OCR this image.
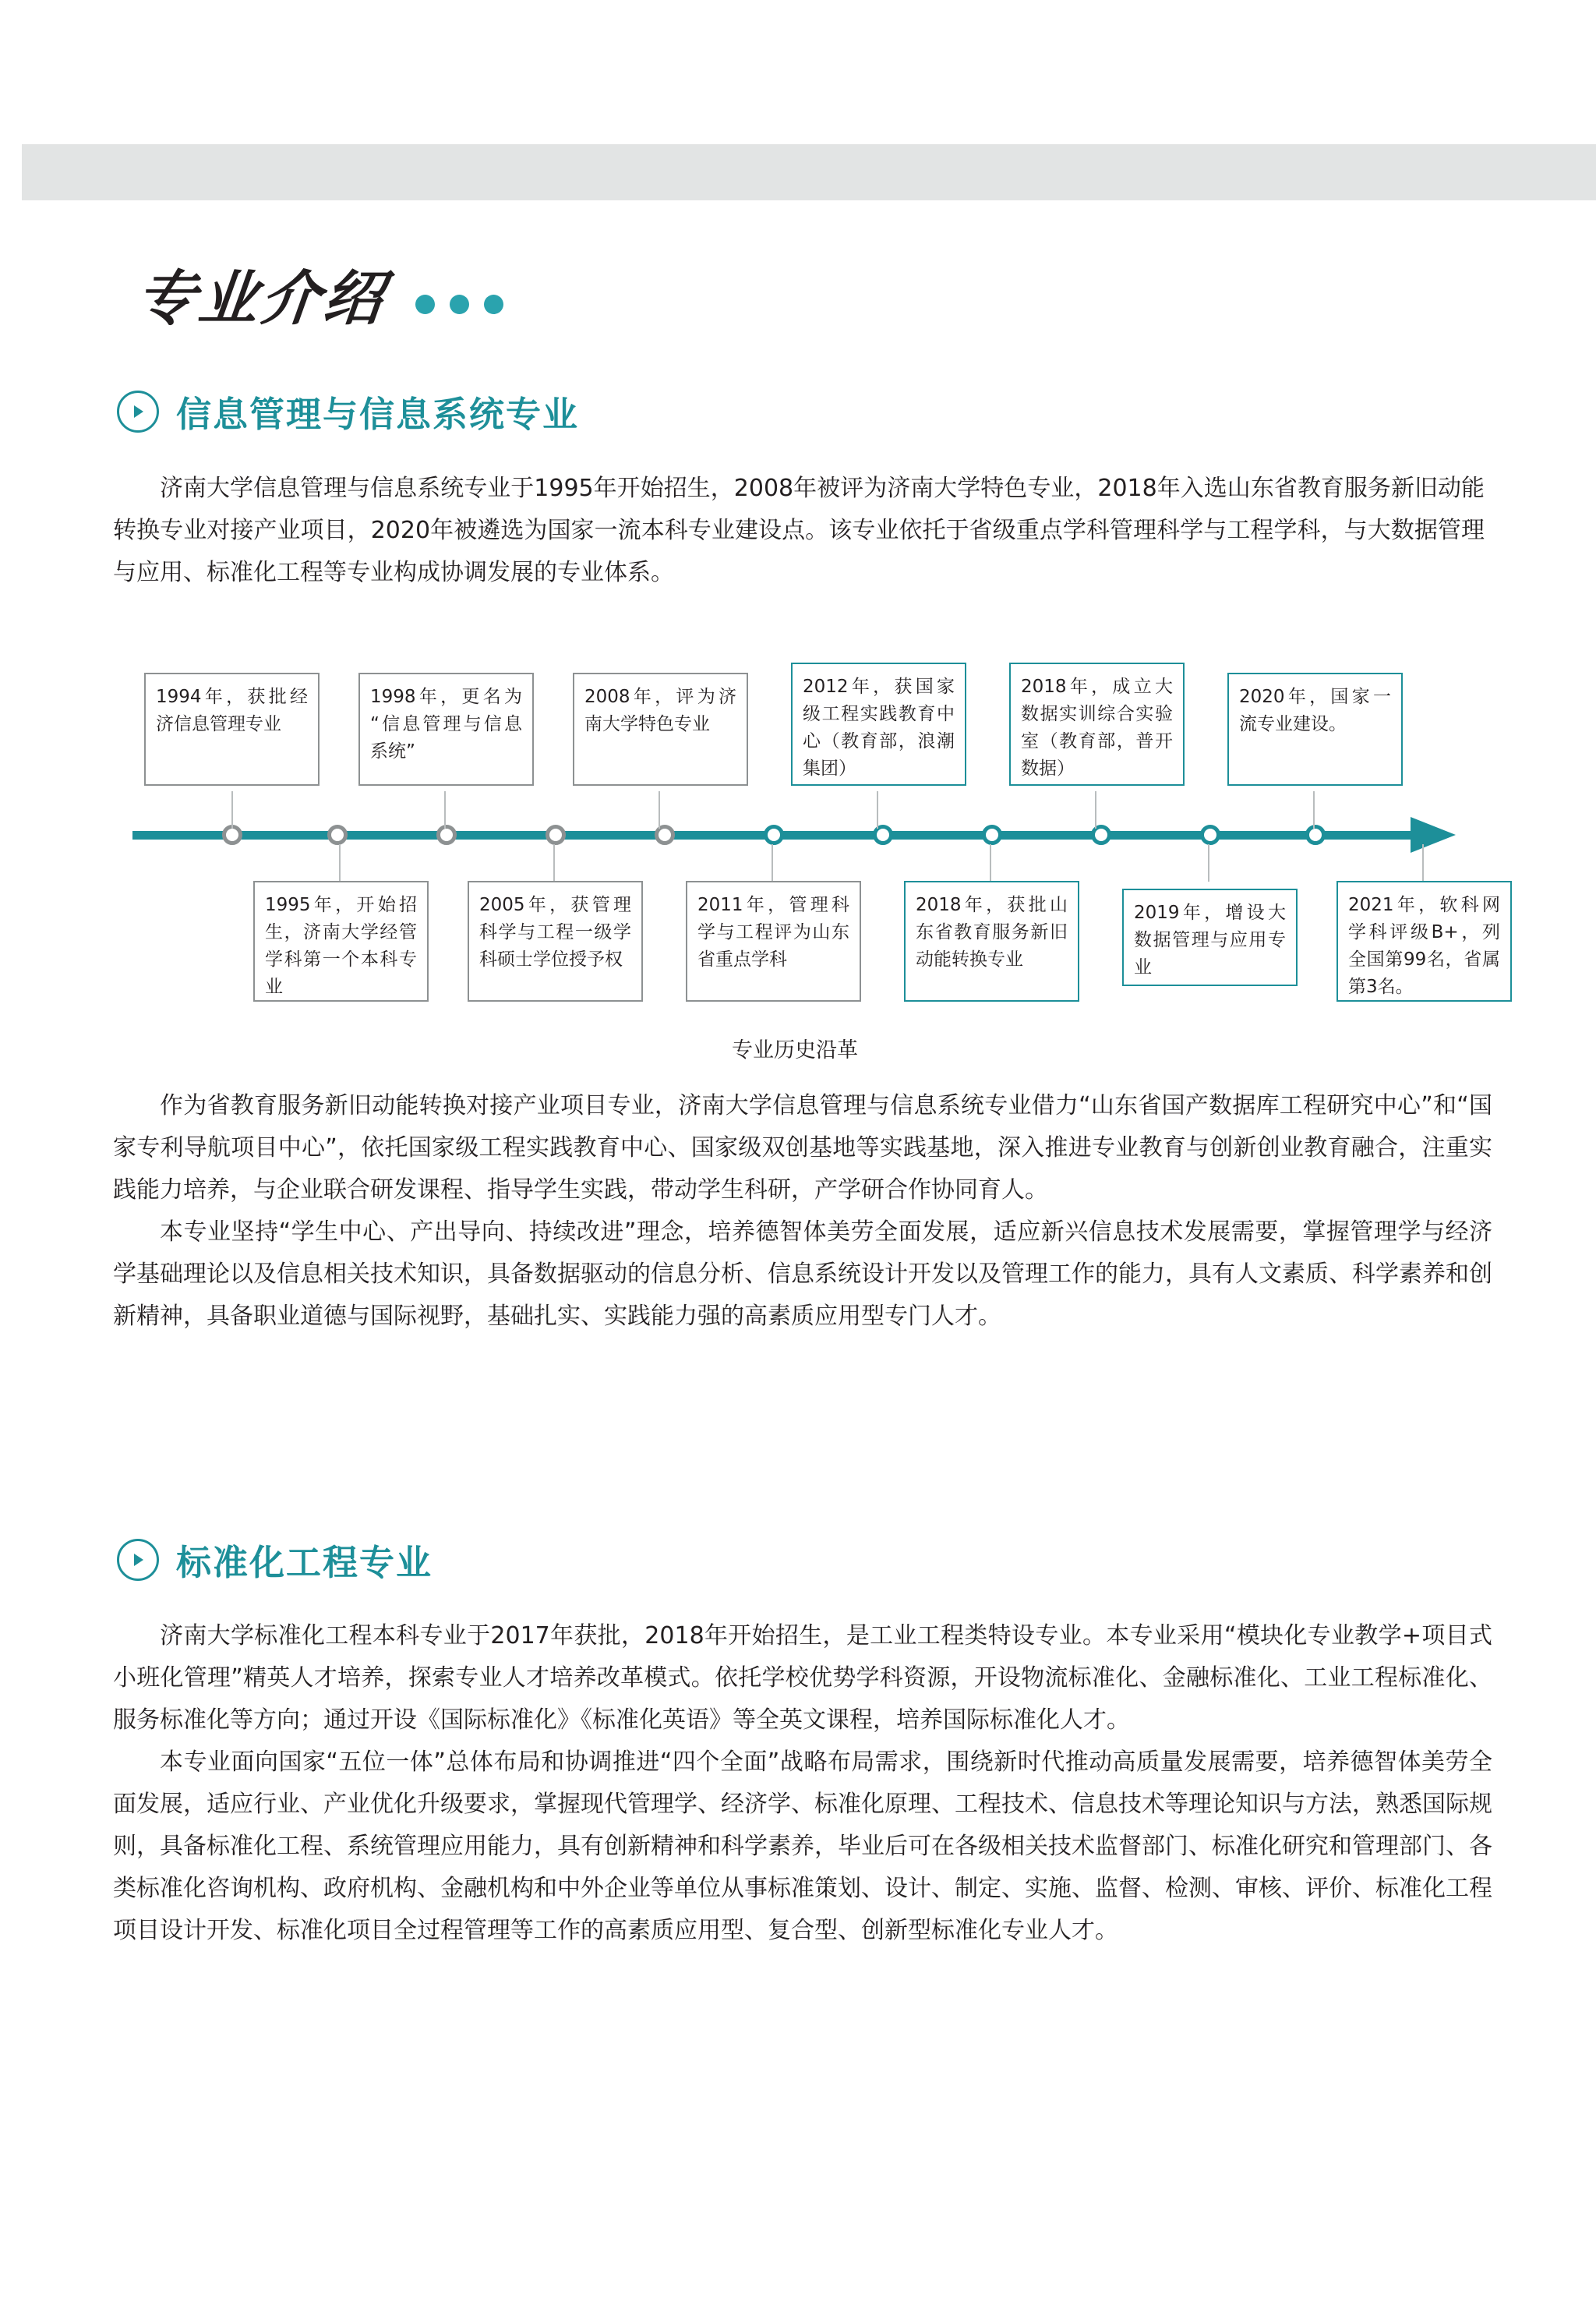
专业介绍
信息管理与信息系统专业

济南大学信息管理与信息系统专业于1995年开始招生，2008年被评为济南大学特色专业，2018年入选山东省教育服务新旧动能转换专业对接产业项目，2020年被遴选为国家一流本科专业建设点。该专业依托于省级重点学科管理科学与工程学科，与大数据管理与应用、标准化工程等专业构成协调发展的专业体系。

1994年，获批经济信息管理专业
1998年，更名为“信息管理与信息系统”
2008年，评为济南大学特色专业
2012年，获国家级工程实践教育中心（教育部，浪潮集团）
2018年，成立大数据实训综合实验室（教育部，普开数据）
2020年，国家一流专业建设。
1995年，开始招生，济南大学经管学科第一个本科专业
2005年，获管理科学与工程一级学科硕士学位授予权
2011年，管理科学与工程评为山东省重点学科
2018年，获批山东省教育服务新旧动能转换专业
2019年，增设大数据管理与应用专业
2021年，软科网学科评级B+，列全国第99名，省属第3名。
专业历史沿革

作为省教育服务新旧动能转换对接产业项目专业，济南大学信息管理与信息系统专业借力“山东省国产数据库工程研究中心”和“国家专利导航项目中心”，依托国家级工程实践教育中心、国家级双创基地等实践基地，深入推进专业教育与创新创业教育融合，注重实践能力培养，与企业联合研发课程、指导学生实践，带动学生科研，产学研合作协同育人。

本专业坚持“学生中心、产出导向、持续改进”理念，培养德智体美劳全面发展，适应新兴信息技术发展需要，掌握管理学与经济学基础理论以及信息相关技术知识，具备数据驱动的信息分析、信息系统设计开发以及管理工作的能力，具有人文素质、科学素养和创新精神，具备职业道德与国际视野，基础扎实、实践能力强的高素质应用型专门人才。

标准化工程专业

济南大学标准化工程本科专业于2017年获批，2018年开始招生，是工业工程类特设专业。本专业采用“模块化专业教学+项目式小班化管理”精英人才培养，探索专业人才培养改革模式。依托学校优势学科资源，开设物流标准化、金融标准化、工业工程标准化、服务标准化等方向；通过开设《国际标准化》《标准化英语》等全英文课程，培养国际标准化人才。

本专业面向国家“五位一体”总体布局和协调推进“四个全面”战略布局需求，围绕新时代推动高质量发展需要，培养德智体美劳全面发展，适应行业、产业优化升级要求，掌握现代管理学、经济学、标准化原理、工程技术、信息技术等理论知识与方法，熟悉国际规则，具备标准化工程、系统管理应用能力，具有创新精神和科学素养，毕业后可在各级相关技术监督部门、标准化研究和管理部门、各类标准化咨询机构、政府机构、金融机构和中外企业等单位从事标准策划、设计、制定、实施、监督、检测、审核、评价、标准化工程项目设计开发、标准化项目全过程管理等工作的高素质应用型、复合型、创新型标准化专业人才。
